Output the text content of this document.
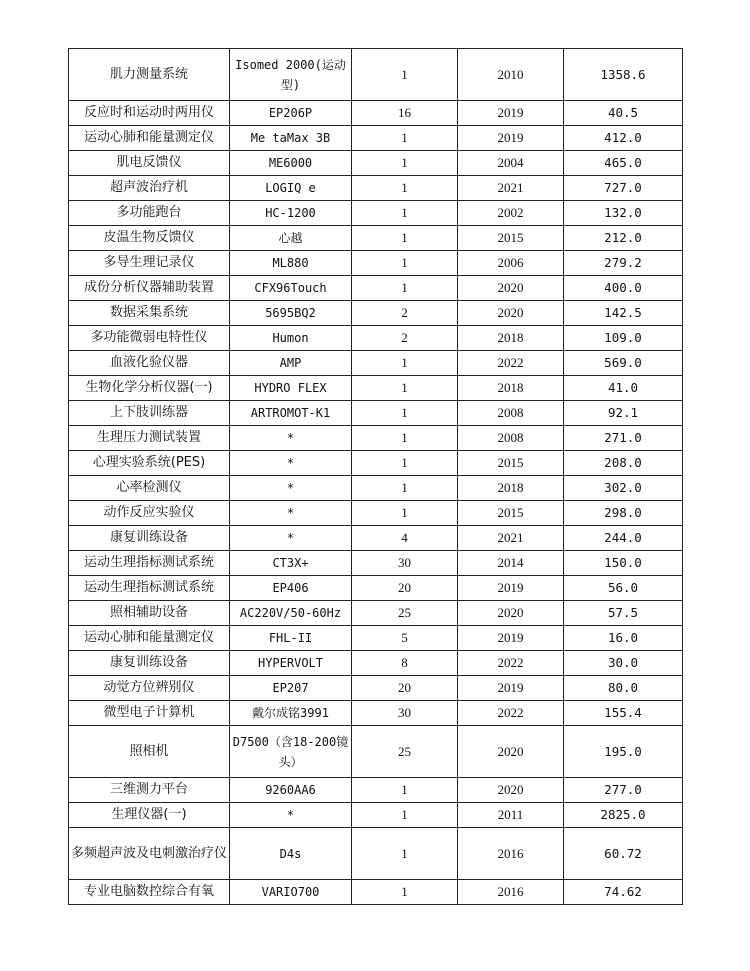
肌力测量系统	Isomed 2000(运动型)	1	2010	1358.6
反应时和运动时两用仪	EP206P	16	2019	40.5
运动心肺和能量测定仪	Me taMax 3B	1	2019	412.0
肌电反馈仪	ME6000	1	2004	465.0
超声波治疗机	LOGIQ e	1	2021	727.0
多功能跑台	HC-1200	1	2002	132.0
皮温生物反馈仪	心越	1	2015	212.0
多导生理记录仪	ML880	1	2006	279.2
成份分析仪器辅助装置	CFX96Touch	1	2020	400.0
数据采集系统	5695BQ2	2	2020	142.5
多功能微弱电特性仪	Humon	2	2018	109.0
血液化验仪器	AMP	1	2022	569.0
生物化学分析仪器(一)	HYDRO FLEX	1	2018	41.0
上下肢训练器	ARTROMOT-K1	1	2008	92.1
生理压力测试装置	*	1	2008	271.0
心理实验系统(PES)	*	1	2015	208.0
心率检测仪	*	1	2018	302.0
动作反应实验仪	*	1	2015	298.0
康复训练设备	*	4	2021	244.0
运动生理指标测试系统	CT3X+	30	2014	150.0
运动生理指标测试系统	EP406	20	2019	56.0
照相辅助设备	AC220V/50-60Hz	25	2020	57.5
运动心肺和能量测定仪	FHL-II	5	2019	16.0
康复训练设备	HYPERVOLT	8	2022	30.0
动觉方位辨别仪	EP207	20	2019	80.0
微型电子计算机	戴尔成铭3991	30	2022	155.4
照相机	D7500（含18-200镜头）	25	2020	195.0
三维测力平台	9260AA6	1	2020	277.0
生理仪器(一)	*	1	2011	2825.0
多频超声波及电刺激治疗仪	D4s	1	2016	60.72
专业电脑数控综合有氧	VARIO700	1	2016	74.62
